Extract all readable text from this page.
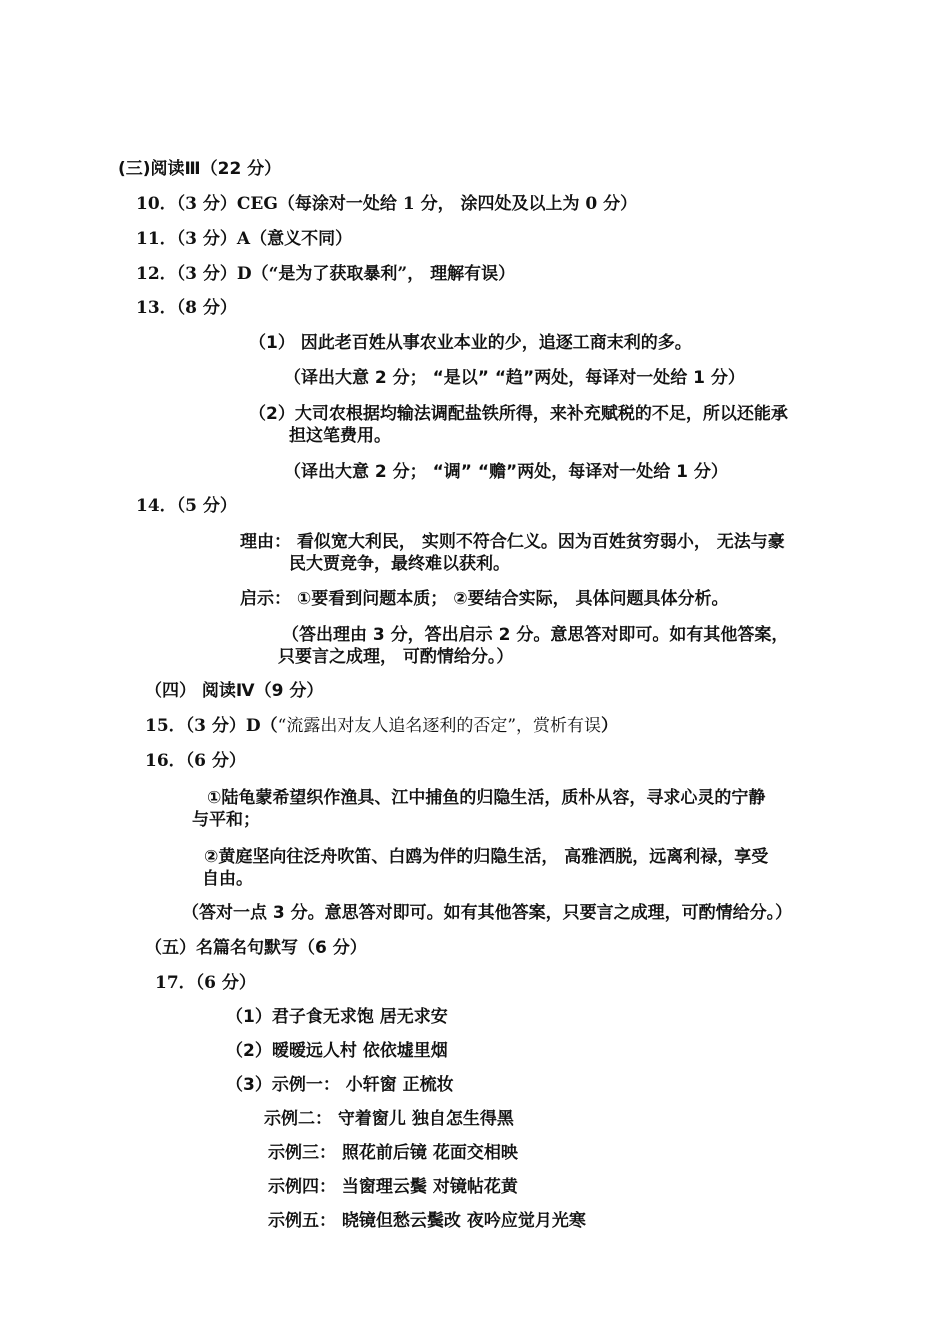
(三)阅读Ⅲ（22 分）
10．（3 分）CEG（每涂对一处给 1 分， 涂四处及以上为 0 分）
11．（3 分）A（意义不同）
12．（3 分）D（“是为了获取暴利”， 理解有误）
13．（8 分）
（1） 因此老百姓从事农业本业的少，追逐工商末利的多。
（译出大意 2 分； “是以” “趋”两处，每译对一处给 1 分）
（2）大司农根据均输法调配盐铁所得，来补充赋税的不足，所以还能承
担这笔费用。
（译出大意 2 分； “调” “赡”两处，每译对一处给 1 分）
14．（5 分）
理由： 看似宽大利民， 实则不符合仁义。因为百姓贫穷弱小， 无法与豪
民大贾竞争，最终难以获利。
启示： ①要看到问题本质； ②要结合实际， 具体问题具体分析。
（答出理由 3 分，答出启示 2 分。意思答对即可。如有其他答案，
只要言之成理， 可酌情给分。）
（四） 阅读Ⅳ（9 分）
15．（3 分）D（“流露出对友人追名逐利的否定”，赏析有误）
16．（6 分）
①陆龟蒙希望织作渔具、江中捕鱼的归隐生活，质朴从容，寻求心灵的宁静
与平和；
②黄庭坚向往泛舟吹笛、白鸥为伴的归隐生活， 高雅洒脱，远离利禄，享受
自由。
（答对一点 3 分。意思答对即可。如有其他答案，只要言之成理，可酌情给分。）
（五）名篇名句默写（6 分）
17．（6 分）
（1）君子食无求饱 居无求安
（2）暧暧远人村 依依墟里烟
（3）示例一： 小轩窗 正梳妆
示例二： 守着窗儿 独自怎生得黑
示例三： 照花前后镜 花面交相映
示例四： 当窗理云鬓 对镜帖花黄
示例五： 晓镜但愁云鬓改 夜吟应觉月光寒
